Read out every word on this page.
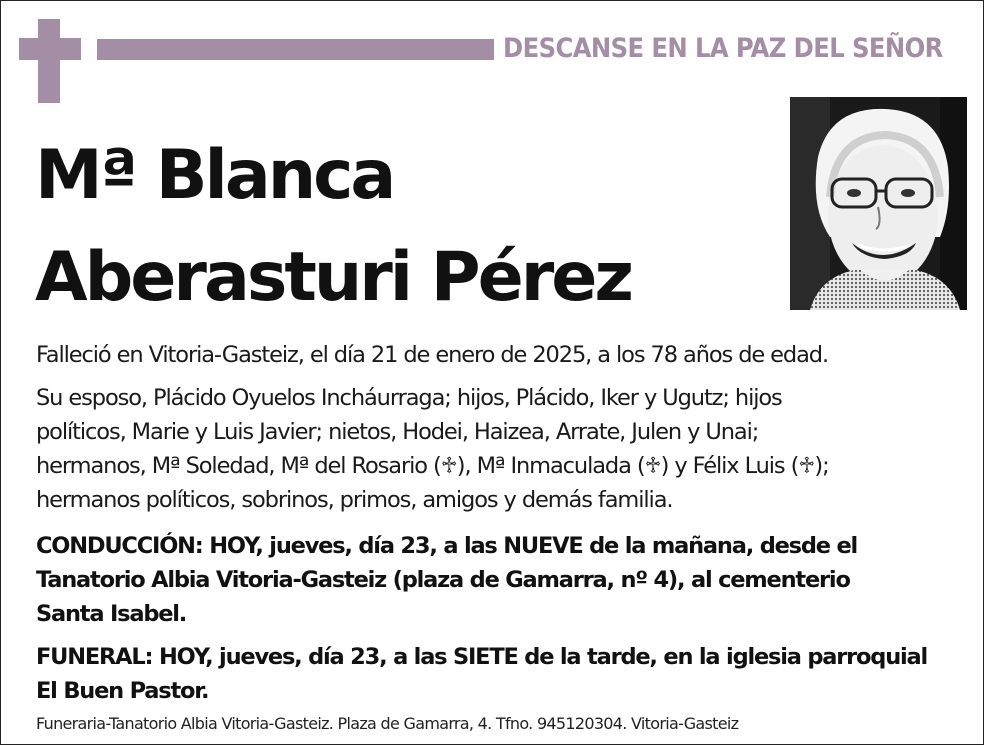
DESCANSE EN LA PAZ DEL SEÑOR
Mª Blanca
Aberasturi Pérez
Falleció en Vitoria-Gasteiz, el día 21 de enero de 2025, a los 78 años de edad.
Su esposo, Plácido Oyuelos Incháurraga; hijos, Plácido, Iker y Ugutz; hijos
políticos, Marie y Luis Javier; nietos, Hodei, Haizea, Arrate, Julen y Unai;
hermanos, Mª Soledad, Mª del Rosario (♱), Mª Inmaculada (♱) y Félix Luis (♱);
hermanos políticos, sobrinos, primos, amigos y demás familia.
CONDUCCIÓN: HOY, jueves, día 23, a las NUEVE de la mañana, desde el
Tanatorio Albia Vitoria-Gasteiz (plaza de Gamarra, nº 4), al cementerio
Santa Isabel.
FUNERAL: HOY, jueves, día 23, a las SIETE de la tarde, en la iglesia parroquial
El Buen Pastor.
Funeraria-Tanatorio Albia Vitoria-Gasteiz. Plaza de Gamarra, 4. Tfno. 945120304. Vitoria-Gasteiz
